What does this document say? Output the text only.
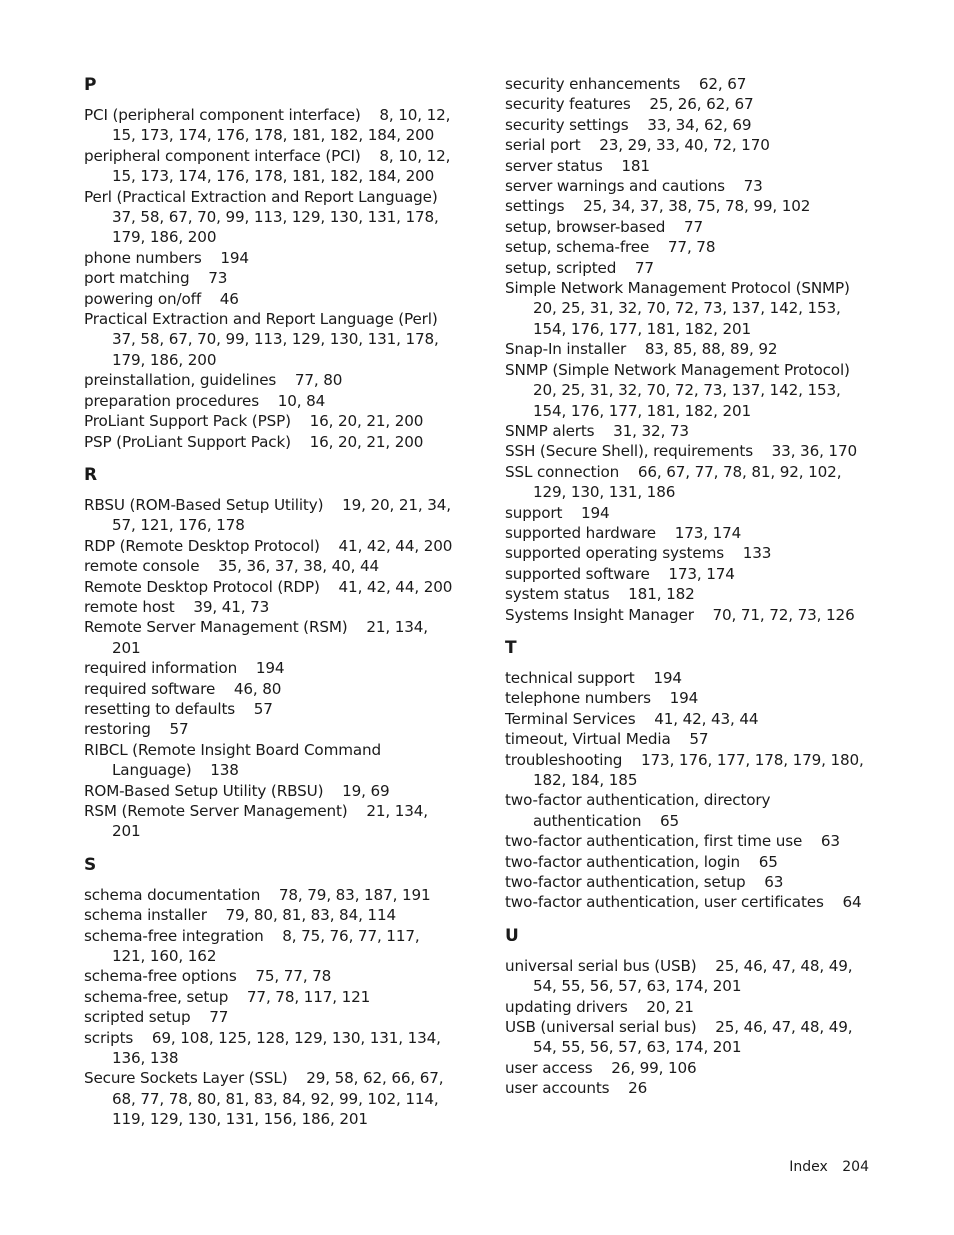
P
PCI (peripheral component interface) 8, 10, 12, 15, 173, 174, 176, 178, 181, 182, 184, 200
peripheral component interface (PCI) 8, 10, 12, 15, 173, 174, 176, 178, 181, 182, 184, 200
Perl (Practical Extraction and Report Language)    37, 58, 67, 70, 99, 113, 129, 130, 131, 178, 179, 186, 200
phone numbers 194
port matching 73
powering on/off 46
Practical Extraction and Report Language (Perl)    37, 58, 67, 70, 99, 113, 129, 130, 131, 178, 179, 186, 200
preinstallation, guidelines 77, 80
preparation procedures 10, 84
ProLiant Support Pack (PSP) 16, 20, 21, 200
PSP (ProLiant Support Pack) 16, 20, 21, 200
R
RBSU (ROM-Based Setup Utility) 19, 20, 21, 34, 57, 121, 176, 178
RDP (Remote Desktop Protocol) 41, 42, 44, 200
remote console 35, 36, 37, 38, 40, 44
Remote Desktop Protocol (RDP) 41, 42, 44, 200
remote host 39, 41, 73
Remote Server Management (RSM) 21, 134, 201
required information 194
required software 46, 80
resetting to defaults 57
restoring 57
RIBCL (Remote Insight Board Command Language) 138
ROM-Based Setup Utility (RBSU) 19, 69
RSM (Remote Server Management) 21, 134, 201
S
schema documentation 78, 79, 83, 187, 191
schema installer 79, 80, 81, 83, 84, 114
schema-free integration 8, 75, 76, 77, 117, 121, 160, 162
schema-free options 75, 77, 78
schema-free, setup 77, 78, 117, 121
scripted setup 77
scripts 69, 108, 125, 128, 129, 130, 131, 134, 136, 138
Secure Sockets Layer (SSL) 29, 58, 62, 66, 67, 68, 77, 78, 80, 81, 83, 84, 92, 99, 102, 114, 119, 129, 130, 131, 156, 186, 201
security enhancements 62, 67
security features 25, 26, 62, 67
security settings 33, 34, 62, 69
serial port 23, 29, 33, 40, 72, 170
server status 181
server warnings and cautions 73
settings 25, 34, 37, 38, 75, 78, 99, 102
setup, browser-based 77
setup, schema-free 77, 78
setup, scripted 77
Simple Network Management Protocol (SNMP)    20, 25, 31, 32, 70, 72, 73, 137, 142, 153, 154, 176, 177, 181, 182, 201
Snap-In installer 83, 85, 88, 89, 92
SNMP (Simple Network Management Protocol)    20, 25, 31, 32, 70, 72, 73, 137, 142, 153, 154, 176, 177, 181, 182, 201
SNMP alerts 31, 32, 73
SSH (Secure Shell), requirements 33, 36, 170
SSL connection 66, 67, 77, 78, 81, 92, 102, 129, 130, 131, 186
support 194
supported hardware 173, 174
supported operating systems 133
supported software 173, 174
system status 181, 182
Systems Insight Manager 70, 71, 72, 73, 126
T
technical support 194
telephone numbers 194
Terminal Services 41, 42, 43, 44
timeout, Virtual Media 57
troubleshooting 173, 176, 177, 178, 179, 180, 182, 184, 185
two-factor authentication, directory authentication 65
two-factor authentication, first time use 63
two-factor authentication, login 65
two-factor authentication, setup 63
two-factor authentication, user certificates 64
U
universal serial bus (USB) 25, 46, 47, 48, 49, 54, 55, 56, 57, 63, 174, 201
updating drivers 20, 21
USB (universal serial bus) 25, 46, 47, 48, 49, 54, 55, 56, 57, 63, 174, 201
user access 26, 99, 106
user accounts 26
Index 204
